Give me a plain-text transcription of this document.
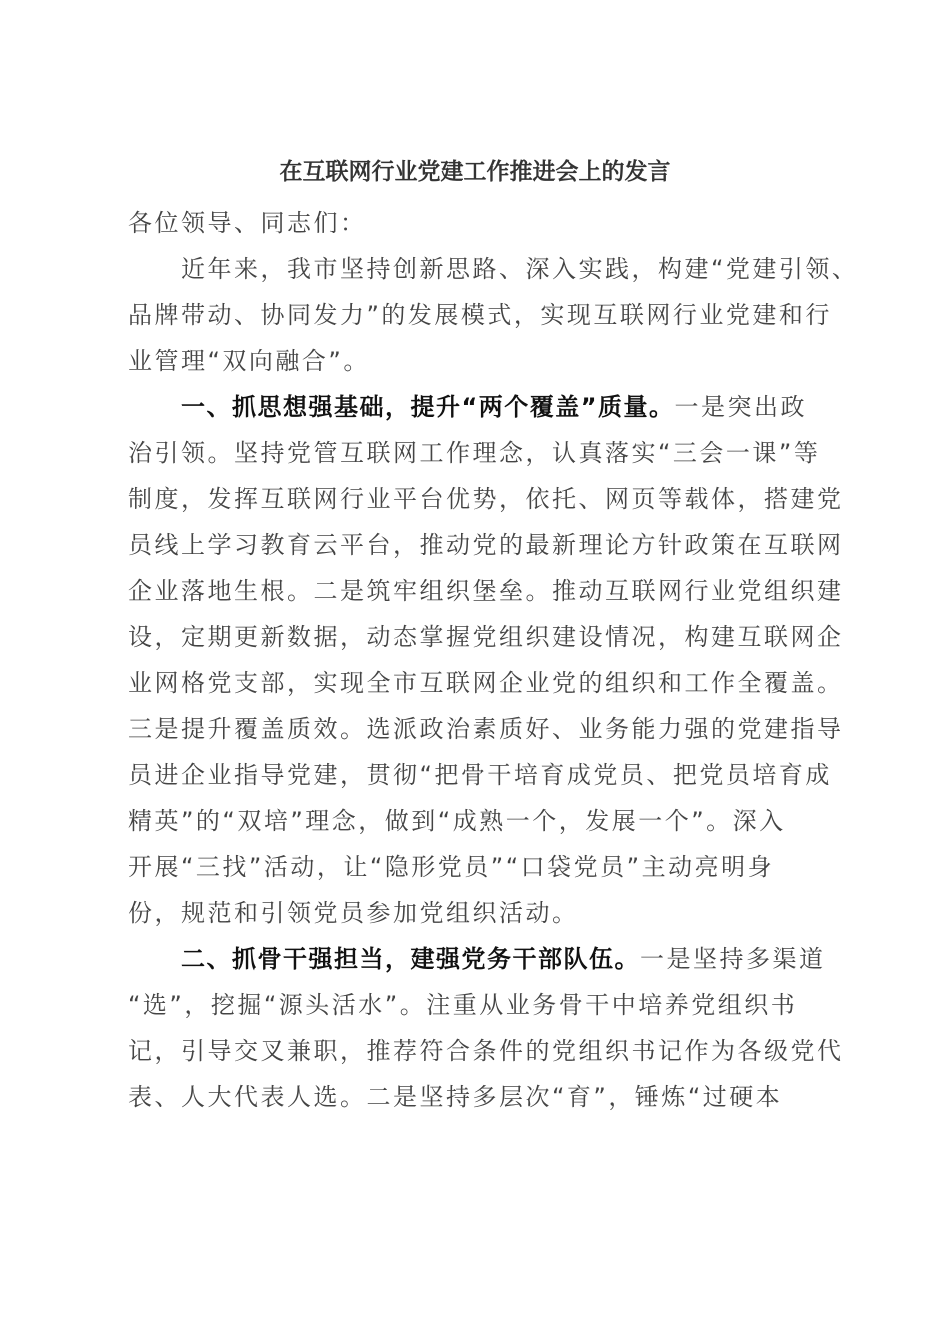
在互联网行业党建工作推进会上的发言
各位领导、同志们：
近年来，我市坚持创新思路、深入实践，构建“党建引领、
品牌带动、协同发力”的发展模式，实现互联网行业党建和行
业管理“双向融合”。
一、抓思想强基础，提升“两个覆盖”质量。一是突出政
治引领。坚持党管互联网工作理念，认真落实“三会一课”等
制度，发挥互联网行业平台优势，依托、网页等载体，搭建党
员线上学习教育云平台，推动党的最新理论方针政策在互联网
企业落地生根。二是筑牢组织堡垒。推动互联网行业党组织建
设，定期更新数据，动态掌握党组织建设情况，构建互联网企
业网格党支部，实现全市互联网企业党的组织和工作全覆盖。
三是提升覆盖质效。选派政治素质好、业务能力强的党建指导
员进企业指导党建，贯彻“把骨干培育成党员、把党员培育成
精英”的“双培”理念，做到“成熟一个，发展一个”。深入
开展“三找”活动，让“隐形党员”“口袋党员”主动亮明身
份，规范和引领党员参加党组织活动。
二、抓骨干强担当，建强党务干部队伍。一是坚持多渠道
“选”，挖掘“源头活水”。注重从业务骨干中培养党组织书
记，引导交叉兼职，推荐符合条件的党组织书记作为各级党代
表、人大代表人选。二是坚持多层次“育”，锤炼“过硬本
